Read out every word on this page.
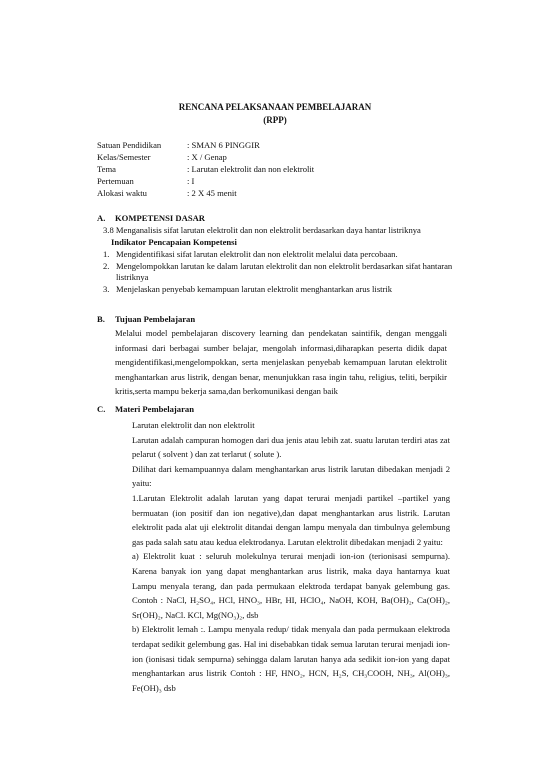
RENCANA PELAKSANAAN PEMBELAJARAN
(RPP)
Satuan Pendidikan	: SMAN 6 PINGGIR
Kelas/Semester	: X / Genap
Tema	: Larutan elektrolit dan non elektrolit
Pertemuan	: I
Alokasi waktu	: 2 X 45 menit
A. KOMPETENSI DASAR
3.8 Menganalisis sifat larutan elektrolit dan non elektrolit berdasarkan daya hantar listriknya
Indikator Pencapaian Kompetensi
1. Mengidentifikasi sifat larutan elektrolit dan non elektrolit melalui data percobaan.
2. Mengelompokkan larutan ke dalam larutan elektrolit dan non elektrolit berdasarkan sifat hantaran listriknya
3. Menjelaskan penyebab kemampuan larutan elektrolit menghantarkan arus listrik
B. Tujuan Pembelajaran

Melalui model pembelajaran discovery learning dan pendekatan saintifik, dengan menggali informasi dari berbagai sumber belajar, mengolah informasi,diharapkan peserta didik dapat mengidentifikasi,mengelompokkan, serta menjelaskan penyebab kemampuan larutan elektrolit menghantarkan arus listrik, dengan benar, menunjukkan rasa ingin tahu, religius, teliti, berpikir kritis,serta mampu bekerja sama,dan berkomunikasi dengan baik

C. Materi Pembelajaran

Larutan elektrolit dan non elektrolit

Larutan adalah campuran homogen dari dua jenis atau lebih zat. suatu larutan terdiri atas zat pelarut ( solvent ) dan zat terlarut ( solute ).

Dilihat dari kemampuannya dalam menghantarkan arus listrik larutan dibedakan menjadi 2 yaitu:

1.Larutan Elektrolit adalah larutan yang dapat terurai menjadi partikel –partikel yang bermuatan (ion positif dan ion negative),dan dapat menghantarkan arus listrik. Larutan elektrolit pada alat uji elektrolit ditandai dengan lampu menyala dan timbulnya gelembung gas pada salah satu atau kedua elektrodanya. Larutan elektrolit dibedakan menjadi 2 yaitu:

a) Elektrolit kuat : seluruh molekulnya terurai menjadi ion-ion (terionisasi sempurna). Karena banyak ion yang dapat menghantarkan arus listrik, maka daya hantarnya kuat Lampu menyala terang, dan pada permukaan elektroda terdapat banyak gelembung gas. Contoh : NaCl, H₂SO₄, HCl, HNO₃, HBr, HI, HClO₄, NaOH, KOH, Ba(OH)₂, Ca(OH)₂, Sr(OH)₂, NaCl. KCl, Mg(NO₃)₂, dsb

b) Elektrolit lemah :. Lampu menyala redup/ tidak menyala dan pada permukaan elektroda terdapat sedikit gelembung gas. Hal ini disebabkan tidak semua larutan terurai menjadi ion-ion (ionisasi tidak sempurna) sehingga dalam larutan hanya ada sedikit ion-ion yang dapat menghantarkan arus listrik Contoh : HF, HNO₂, HCN, H₂S, CH₃COOH, NH₃, Al(OH)₃, Fe(OH)₃ dsb
